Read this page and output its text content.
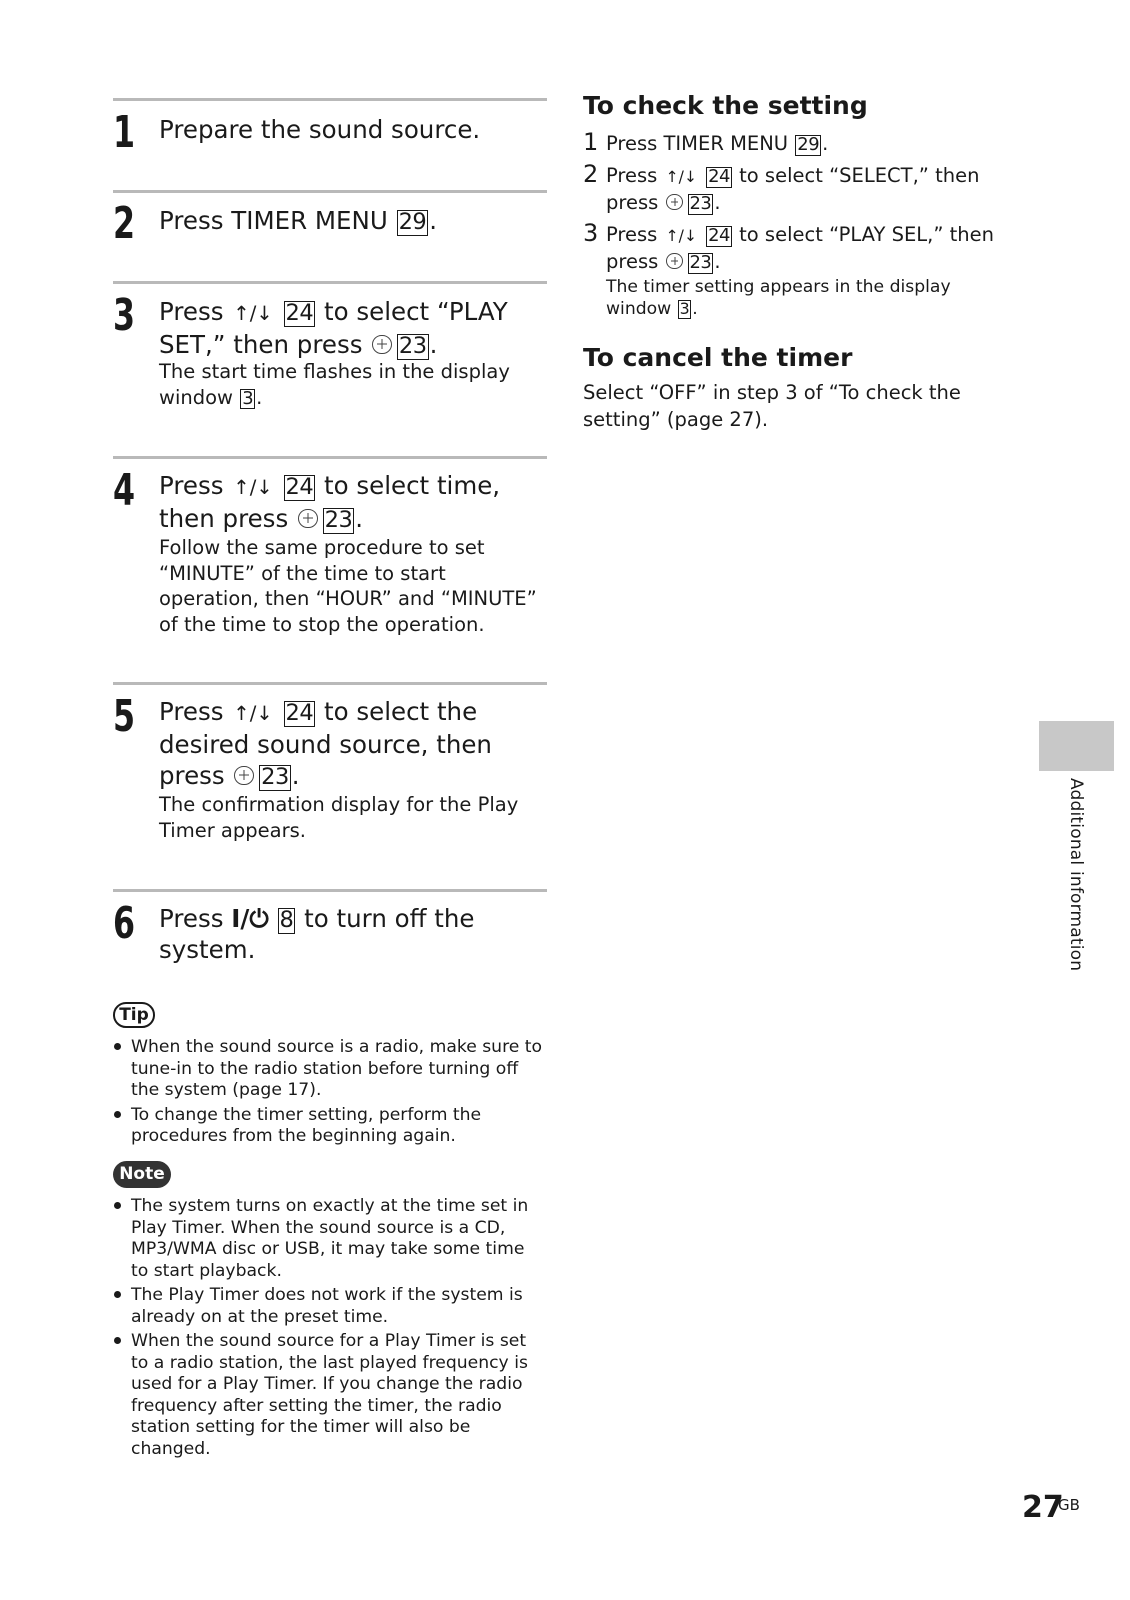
1 Prepare the sound source.
2 Press TIMER MENU 29 .
3 Press ↑/↓ 24 to select “PLAY SET,” then press 23 .
The start time flashes in the display window 3 .
4 Press ↑/↓ 24 to select time, then press 23 .
Follow the same procedure to set “MINUTE” of the time to start operation, then “HOUR” and “MINUTE” of the time to stop the operation.
5 Press ↑/↓ 24 to select the desired sound source, then press 23 .
The confirmation display for the Play Timer appears.
6 Press I/⏻ 8 to turn off the system.
Tip
When the sound source is a radio, make sure to tune-in to the radio station before turning off the system (page 17).
To change the timer setting, perform the procedures from the beginning again.
Note
The system turns on exactly at the time set in Play Timer. When the sound source is a CD, MP3/WMA disc or USB, it may take some time to start playback.
The Play Timer does not work if the system is already on at the preset time.
When the sound source for a Play Timer is set to a radio station, the last played frequency is used for a Play Timer. If you change the radio frequency after setting the timer, the radio station setting for the timer will also be changed.
To check the setting
1 Press TIMER MENU 29 .
2 Press ↑/↓ 24 to select “SELECT,” then press 23 .
3 Press ↑/↓ 24 to select “PLAY SEL,” then press 23 .
The timer setting appears in the display window 3 .
To cancel the timer
Select “OFF” in step 3 of “To check the setting” (page 27).
Additional information
27
GB
